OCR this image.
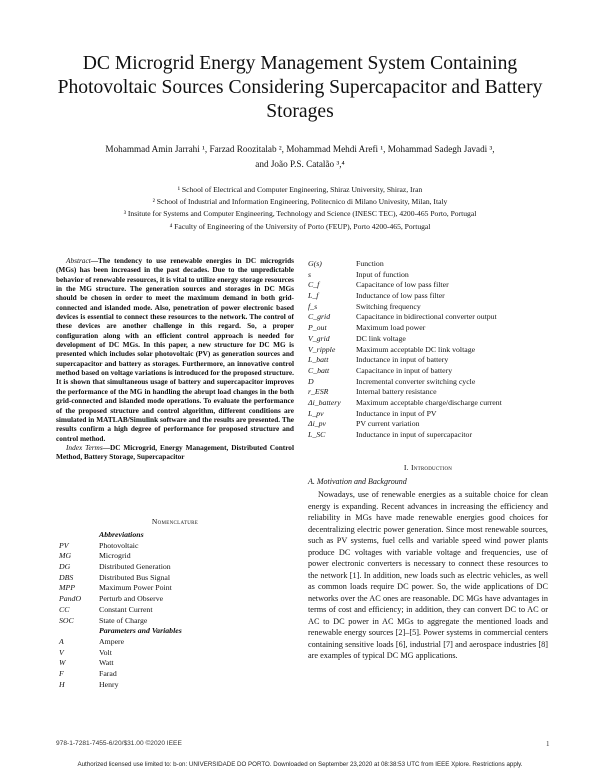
DC Microgrid Energy Management System Containing Photovoltaic Sources Considering Supercapacitor and Battery Storages
Mohammad Amin Jarrahi ¹, Farzad Roozitalab ², Mohammad Mehdi Arefi ¹, Mohammad Sadegh Javadi ³,
and João P.S. Catalão ³,⁴
¹ School of Electrical and Computer Engineering, Shiraz University, Shiraz, Iran
² School of Industrial and Information Engineering, Politecnico di Milano Univesity, Milan, Italy
³ Insitute for Systems and Computer Engineering, Technology and Science (INESC TEC), 4200-465 Porto, Portugal
⁴ Faculty of Engineering of the University of Porto (FEUP), Porto 4200-465, Portugal

Abstract—The tendency to use renewable energies in DC microgrids (MGs) has been increased in the past decades. Due to the unpredictable behavior of renewable resources, it is vital to utilize energy storage resources in the MG structure. The generation sources and storages in DC MGs should be chosen in order to meet the maximum demand in both grid-connected and islanded mode. Also, penetration of power electronic based devices is essential to connect these resources to the network. The control of these devices are another challenge in this regard. So, a proper configuration along with an efficient control approach is needed for development of DC MGs. In this paper, a new structure for DC MG is presented which includes solar photovoltaic (PV) as generation sources and supercapacitor and battery as storages. Furthermore, an innovative control method based on voltage variations is introduced for the proposed structure. It is shown that simultaneous usage of battery and supercapacitor improves the performance of the MG in handling the abrupt load changes in the both grid-connected and islanded mode operations. To evaluate the performance of the proposed structure and control algorithm, different conditions are simulated in MATLAB/Simulink software and the results are presented. The results confirm a high degree of performance for proposed structure and control method.

Index Terms—DC Microgrid, Energy Management, Distributed Control Method, Battery Storage, Supercapacitor

Nomenclature
Abbreviations
PV	Photovoltaic
MG	Microgrid
DG	Distributed Generation
DBS	Distributed Bus Signal
MPP	Maximum Power Point
PandO Perturb and Observe
CC	Constant Current
SOC	State of Charge
Parameters and Variables
A	Ampere
V	Volt
W	Watt
F	Farad
H	Henry
G(s)	Function
s	Input of function
C_f	Capacitance of low pass filter
L_f	Inductance of low pass filter
f_s	Switching frequency
C_grid	Capacitance in bidirectional converter output
P_out	Maximum load power
V_grid	DC link voltage
V_ripple	Maximum acceptable DC link voltage
L_batt	Inductance in input of battery
C_batt	Capacitance in input of battery
D	Incremental converter switching cycle
r_ESR	Internal battery resistance
Δi_battery Maximum acceptable charge/discharge current
L_pv	Inductance in input of PV
Δi_pv	PV current variation
L_SC	Inductance in input of supercapacitor
I. Introduction
A. Motivation and Background

Nowadays, use of renewable energies as a suitable choice for clean energy is expanding. Recent advances in increasing the efficiency and reliability in MGs have made renewable energies good choices for decentralizing electric power generation. Since most renewable sources, such as PV systems, fuel cells and variable speed wind power plants produce DC voltages with variable voltage and frequencies, use of power electronic converters is necessary to connect these resources to the network [1]. In addition, new loads such as electric vehicles, as well as common loads require DC power. So, the wide applications of DC networks over the AC ones are reasonable. DC MGs have advantages in terms of cost and efficiency; in addition, they can convert DC to AC or AC to DC power in AC MGs to aggregate the mentioned loads and renewable energy sources [2]–[5]. Power systems in commercial centers containing sensitive loads [6], industrial [7] and aerospace industries [8] are examples of typical DC MG applications.

978-1-7281-7455-6/20/$31.00 ©2020 IEEE	1
Authorized licensed use limited to: b-on: UNIVERSIDADE DO PORTO. Downloaded on September 23,2020 at 08:38:53 UTC from IEEE Xplore. Restrictions apply.
